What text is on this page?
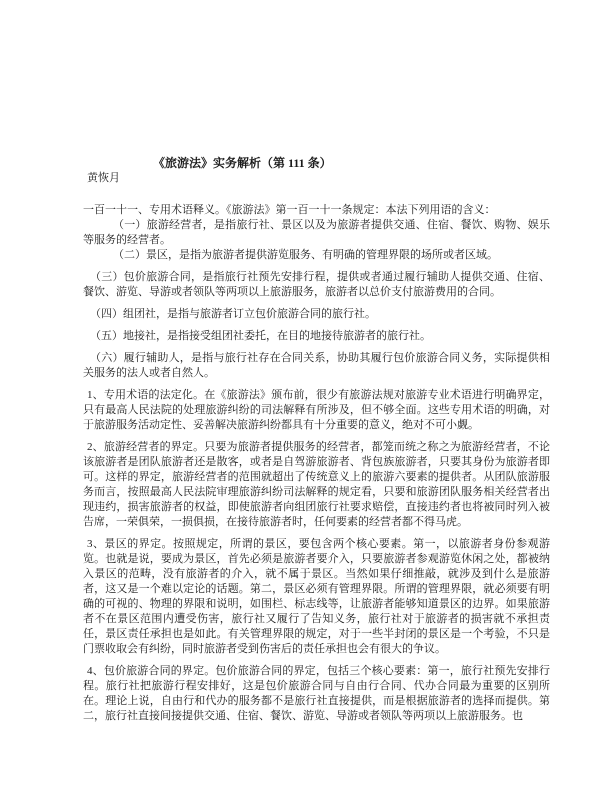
《旅游法》实务解析（第 111 条）
黄恢月

一百一十一、专用术语释义。《旅游法》第一百一十一条规定：本法下列用语的含义：

（一）旅游经营者，是指旅行社、景区以及为旅游者提供交通、住宿、餐饮、购物、娱乐等服务的经营者。

（二）景区，是指为旅游者提供游览服务、有明确的管理界限的场所或者区域。

（三）包价旅游合同，是指旅行社预先安排行程，提供或者通过履行辅助人提供交通、住宿、餐饮、游览、导游或者领队等两项以上旅游服务，旅游者以总价支付旅游费用的合同。

（四）组团社，是指与旅游者订立包价旅游合同的旅行社。

（五）地接社，是指接受组团社委托，在目的地接待旅游者的旅行社。

（六）履行辅助人，是指与旅行社存在合同关系，协助其履行包价旅游合同义务，实际提供相关服务的法人或者自然人。

1、专用术语的法定化。在《旅游法》颁布前，很少有旅游法规对旅游专业术语进行明确界定，只有最高人民法院的处理旅游纠纷的司法解释有所涉及，但不够全面。这些专用术语的明确，对于旅游服务活动定性、妥善解决旅游纠纷都具有十分重要的意义，绝对不可小觑。

2、旅游经营者的界定。只要为旅游者提供服务的经营者，都笼而统之称之为旅游经营者，不论该旅游者是团队旅游者还是散客，或者是自驾游旅游者、背包族旅游者，只要其身份为旅游者即可。这样的界定，旅游经营者的范围就超出了传统意义上的旅游六要素的提供者。从团队旅游服务而言，按照最高人民法院审理旅游纠纷司法解释的规定看，只要和旅游团队服务相关经营者出现违约，损害旅游者的权益，即使旅游者向组团旅行社要求赔偿，直接违约者也将被同时列入被告席，一荣俱荣，一损俱损，在接待旅游者时，任何要素的经营者都不得马虎。

3、景区的界定。按照规定，所谓的景区，要包含两个核心要素。第一，以旅游者身份参观游览。也就是说，要成为景区，首先必须是旅游者要介入，只要旅游者参观游览休闲之处，都被纳入景区的范畴，没有旅游者的介入，就不属于景区。当然如果仔细推敲，就涉及到什么是旅游者，这又是一个难以定论的话题。第二，景区必须有管理界限。所谓的管理界限，就必须要有明确的可视的、物理的界限和说明，如围栏、标志线等，让旅游者能够知道景区的边界。如果旅游者不在景区范围内遭受伤害，旅行社又履行了告知义务，旅行社对于旅游者的损害就不承担责任，景区责任承担也是如此。有关管理界限的规定，对于一些半封闭的景区是一个考验，不只是门票收取会有纠纷，同时旅游者受到伤害后的责任承担也会有很大的争议。

4、包价旅游合同的界定。包价旅游合同的界定，包括三个核心要素：第一，旅行社预先安排行程。旅行社把旅游行程安排好，这是包价旅游合同与自由行合同、代办合同最为重要的区别所在。理论上说，自由行和代办的服务都不是旅行社直接提供，而是根据旅游者的选择而提供。第二，旅行社直接间接提供交通、住宿、餐饮、游览、导游或者领队等两项以上旅游服务。也
